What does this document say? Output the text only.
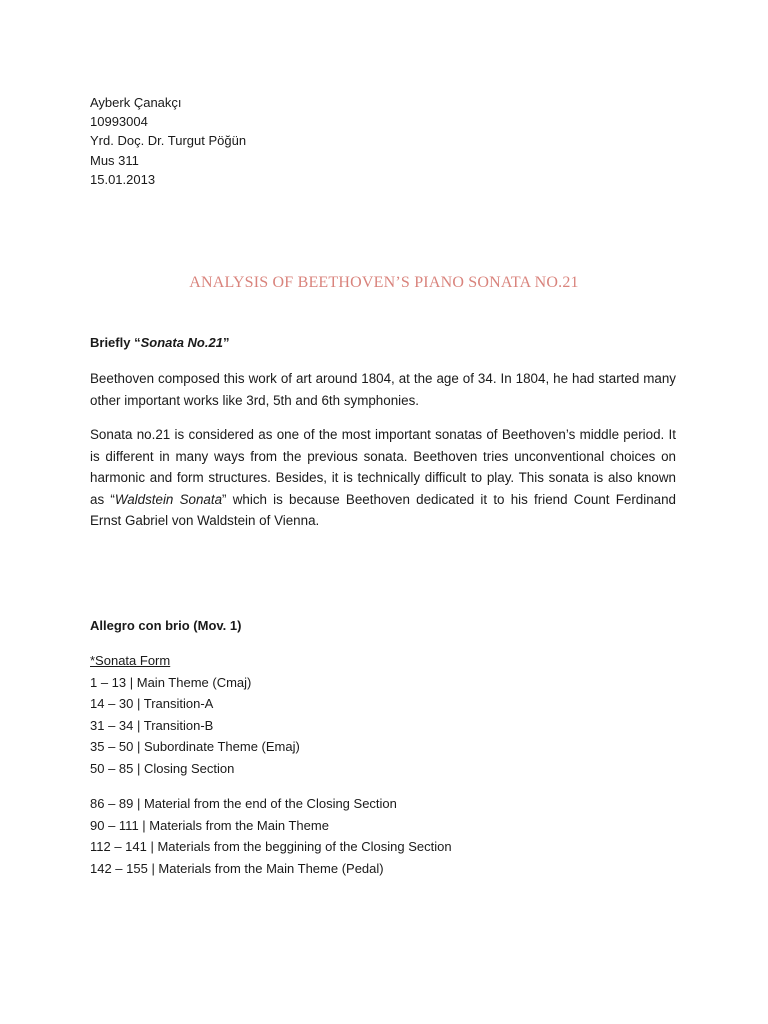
Ayberk Çanakçı
10993004
Yrd. Doç. Dr. Turgut Pöğün
Mus 311
15.01.2013
ANALYSIS OF BEETHOVEN’S PIANO SONATA NO.21
Briefly “Sonata No.21”
Beethoven composed this work of art around 1804, at the age of 34. In 1804, he had started many other important works like 3rd, 5th and 6th symphonies.
Sonata no.21 is considered as one of the most important sonatas of Beethoven’s middle period. It is different in many ways from the previous sonata. Beethoven tries unconventional choices on harmonic and form structures. Besides, it is technically difficult to play. This sonata is also known as “Waldstein Sonata” which is because Beethoven dedicated it to his friend Count Ferdinand Ernst Gabriel von Waldstein of Vienna.
Allegro con brio (Mov. 1)
*Sonata Form
1 – 13 | Main Theme (Cmaj)
14 – 30 | Transition-A
31 – 34 | Transition-B
35 – 50 | Subordinate Theme (Emaj)
50 – 85 | Closing Section
86 – 89 | Material from the end of the Closing Section
90 – 111 | Materials from the Main Theme
112 – 141 | Materials from the beggining of the Closing Section
142 – 155 | Materials from the Main Theme (Pedal)
